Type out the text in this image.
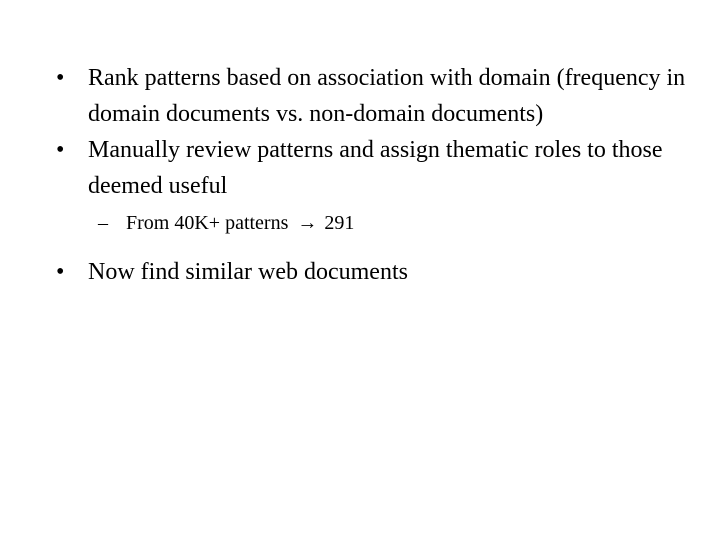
• Rank patterns based on association with domain (frequency in domain documents vs. non-domain documents)
• Manually review patterns and assign thematic roles to those deemed useful
– From 40K+ patterns → 291
• Now find similar web documents
